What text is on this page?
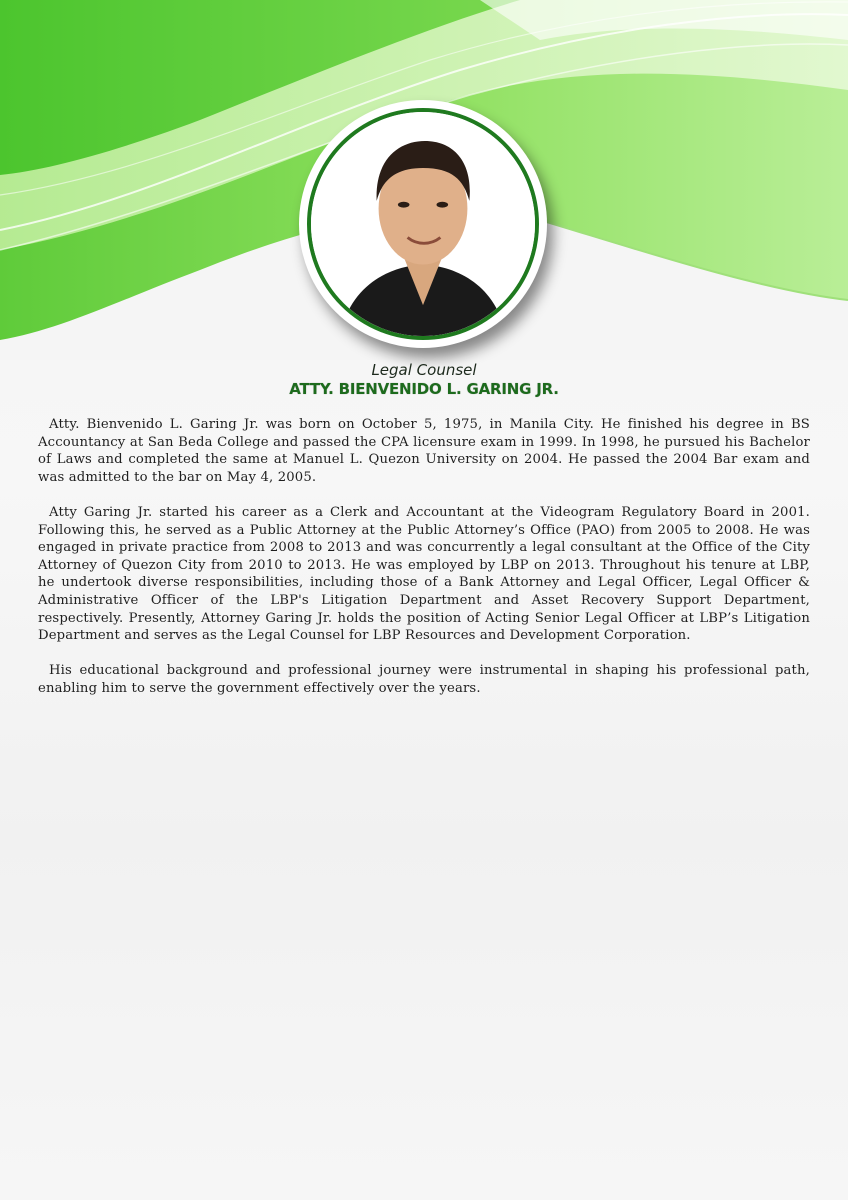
Legal Counsel

ATTY. BIENVENIDO L. GARING JR.

Atty. Bienvenido L. Garing Jr. was born on October 5, 1975, in Manila City. He finished his degree in BS Accountancy at San Beda College and passed the CPA licensure exam in 1999. In 1998, he pursued his Bachelor of Laws and completed the same at Manuel L. Quezon University on 2004. He passed the 2004 Bar exam and was admitted to the bar on May 4, 2005.

Atty Garing Jr. started his career as a Clerk and Accountant at the Videogram Regulatory Board in 2001. Following this, he served as a Public Attorney at the Public Attorney’s Office (PAO) from 2005 to 2008. He was engaged in private practice from 2008 to 2013 and was concurrently a legal consultant at the Office of the City Attorney of Quezon City from 2010 to 2013. He was employed by LBP on 2013. Throughout his tenure at LBP, he undertook diverse responsibilities, including those of a Bank Attorney and Legal Officer, Legal Officer & Administrative Officer of the LBP's Litigation Department and Asset Recovery Support Department, respectively. Presently, Attorney Garing Jr. holds the position of Acting Senior Legal Officer at LBP’s Litigation Department and serves as the Legal Counsel for LBP Resources and Development Corporation.

His educational background and professional journey were instrumental in shaping his professional path, enabling him to serve the government effectively over the years.
